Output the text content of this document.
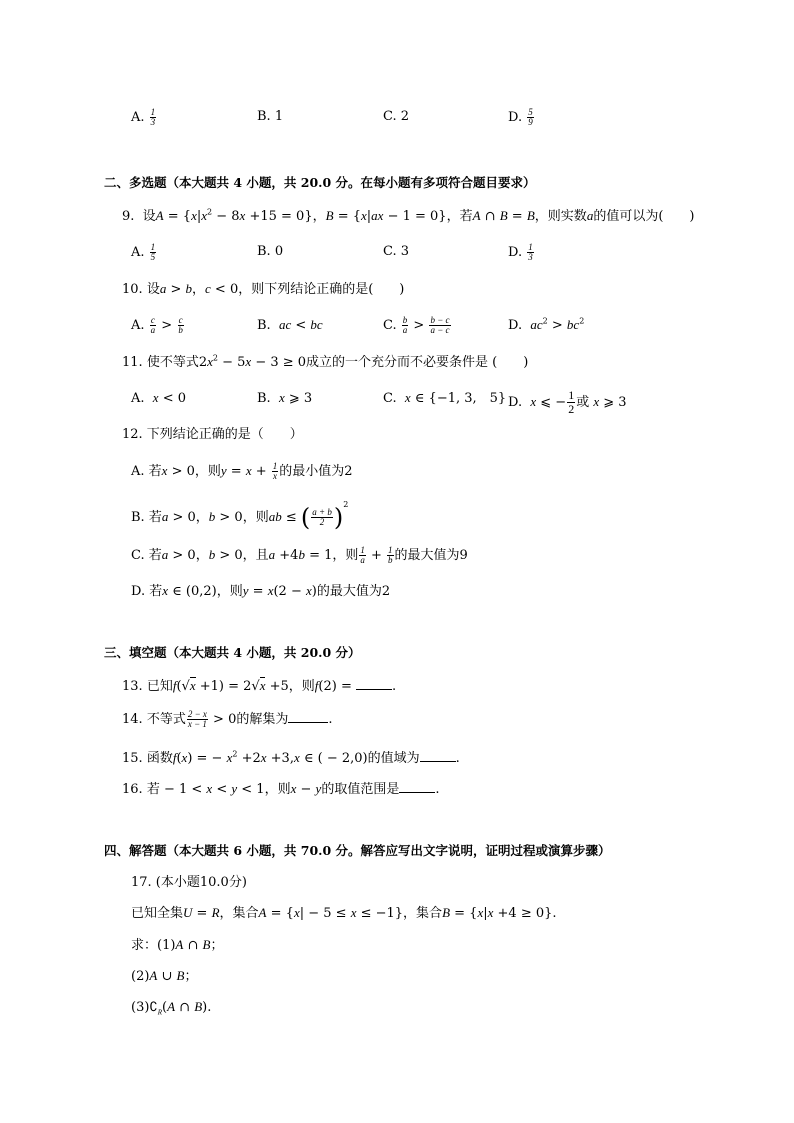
A. $\frac{1}{3}$	B. 1	C. 2	D. $\frac{5}{9}$
二、多选题（本大题共 4 小题，共 20.0 分。在每小题有多项符合题目要求）
9.  设$A = \{x|x^2 - 8x +15 = 0\}$，B = {x|ax − 1 = 0}，若A ∩ B = B，则实数a的值可以为(　　)
A. $\frac{1}{5}$	B. 0	C. 3	D. $\frac{1}{3}$
10. 设a > b，c < 0，则下列结论正确的是(　　)
A. $\frac{c}{a} > \frac{c}{b}$	B. ac < bc	C. $\frac{b}{a} > \frac{b - c}{a - c}$	D. $ac^2 > bc^2$
11. 使不等式$2x^2 - 5x - 3 \ge 0$成立的一个充分而不必要条件是 (　　)
A. x < 0	B. x ⩾ 3	C. x ∈ {−1, 3,　5} D. x ⩽ − $\frac{1}{2}$ 或 x ⩾ 3
12. 下列结论正确的是（　　）
A. 若x > 0，则$y = x + \frac{1}{x}$ 的最小值为2
B. 若a > 0，b > 0，则ab ≤ ( $\frac{a + b}{2} )^2$
C. 若a > 0，b > 0，且a +4b = 1，则 $\frac{1}{a} + \frac{1}{b}$ 的最大值为9
D. 若x ∈ (0,2)，则y = x(2 − x)的最大值为2
三、填空题（本大题共 4 小题，共 20.0 分）
13. 已知f(√x +1) = 2√x +5，则f(2) =	.
14. 不等式 $\frac{2 - x}{x - 1} > 0$的解集为	.
15. 函数f(x) = − $x^2 +2x +3,x$ ∈ ( − 2,0)的值域为	.
16. 若 − 1 < x < y < 1，则x − y的取值范围是	.
四、解答题（本大题共 6 小题，共 70.0 分。解答应写出文字说明，证明过程或演算步骤）
17. (本小题10.0分)
已知全集U = R，集合A = {x| − 5 ≤ x ≤ −1}，集合B = {x|x +4 ≥ 0}.
求：(1)A ∩ B；
(2)A ∪ B；
$(3)∁_R(A$ ∩ B).
